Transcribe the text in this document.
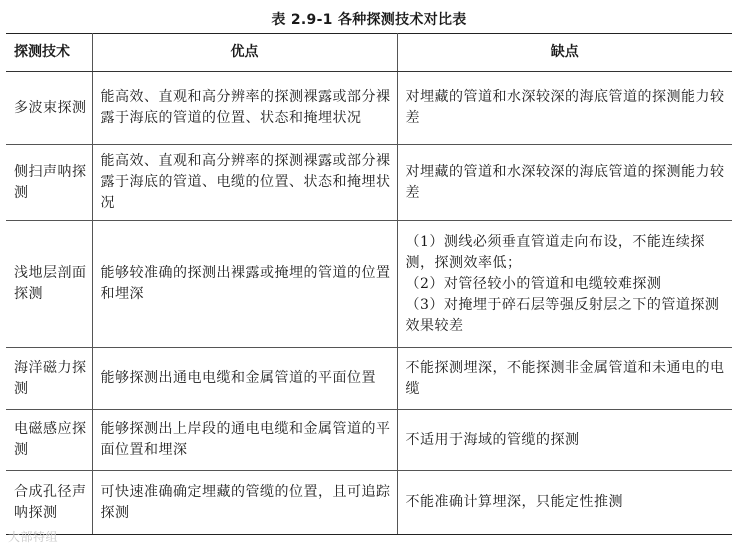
表 2.9-1 各种探测技术对比表
探测技术	优点	缺点
多波束探测	能高效、直观和高分辨率的探测裸露或部分裸露于海底的管道的位置、状态和掩埋状况	对埋藏的管道和水深较深的海底管道的探测能力较差

侧扫声呐探测	能高效、直观和高分辨率的探测裸露或部分裸露于海底的管道、电缆的位置、状态和掩埋状况	对埋藏的管道和水深较深的海底管道的探测能力较差

浅地层剖面探测	能够较准确的探测出裸露或掩埋的管道的位置和埋深	（1）测线必须垂直管道走向布设，不能连续探测，探测效率低；
（2）对管径较小的管道和电缆较难探测
（3）对掩埋于碎石层等强反射层之下的管道探测效果较差

海洋磁力探测	能够探测出通电电缆和金属管道的平面位置	不能探测埋深，不能探测非金属管道和未通电的电缆

电磁感应探测	能够探测出上岸段的通电电缆和金属管道的平面位置和埋深	不适用于海域的管缆的探测

合成孔径声呐探测	可快速准确确定埋藏的管缆的位置，且可追踪探测	不能准确计算埋深，只能定性推测
大部特组
